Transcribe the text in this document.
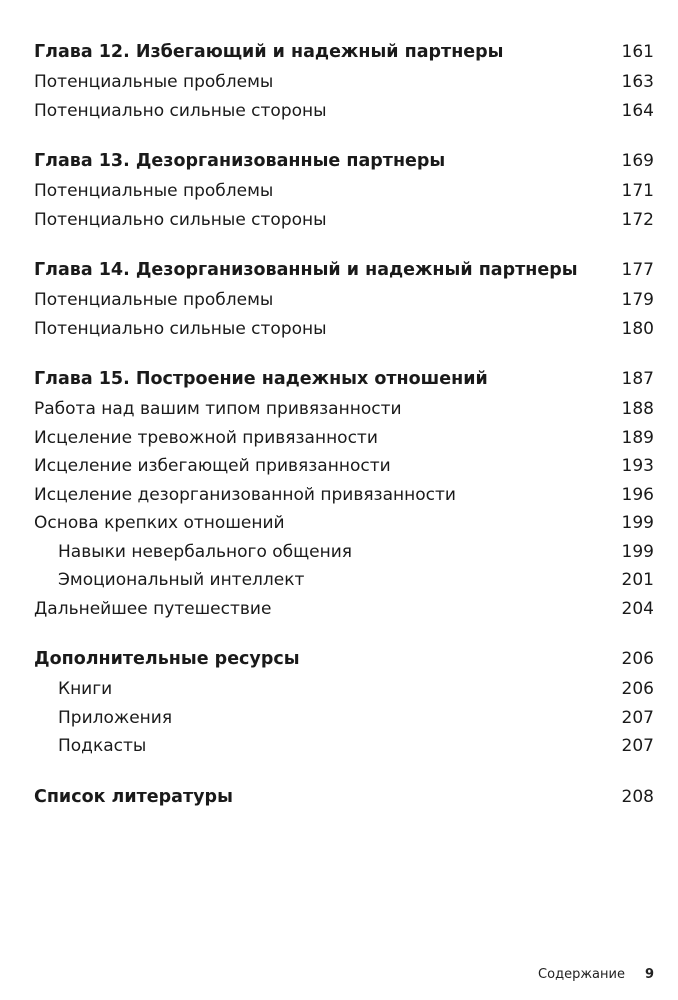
Глава 12. Избегающий и надежный партнеры	161
Потенциальные проблемы	163
Потенциально сильные стороны	164
Глава 13. Дезорганизованные партнеры	169
Потенциальные проблемы	171
Потенциально сильные стороны	172
Глава 14. Дезорганизованный и надежный партнеры	177
Потенциальные проблемы	179
Потенциально сильные стороны	180
Глава 15. Построение надежных отношений	187
Работа над вашим типом привязанности	188
Исцеление тревожной привязанности	189
Исцеление избегающей привязанности	193
Исцеление дезорганизованной привязанности	196
Основа крепких отношений	199
Навыки невербального общения	199
Эмоциональный интеллект	201
Дальнейшее путешествие	204
Дополнительные ресурсы	206
Книги	206
Приложения	207
Подкасты	207
Список литературы	208
Содержание 9
